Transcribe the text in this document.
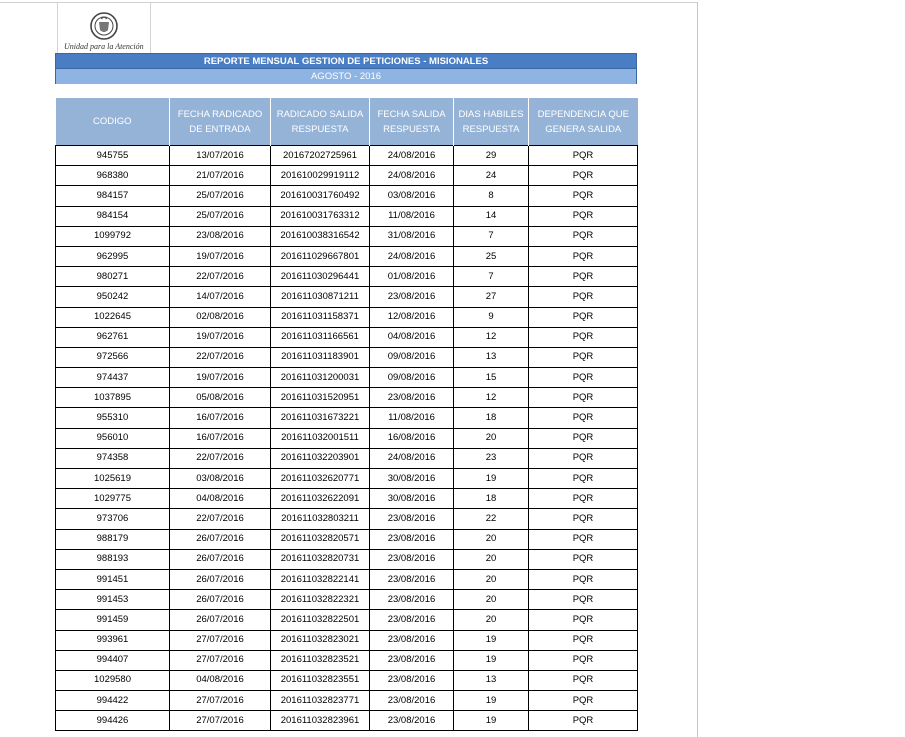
Unidad para la Atención
REPORTE MENSUAL GESTION DE PETICIONES - MISIONALES
AGOSTO - 2016
CODIGO	FECHA RADICADO DE ENTRADA	RADICADO SALIDA RESPUESTA	FECHA SALIDA RESPUESTA	DIAS HABILES RESPUESTA	DEPENDENCIA QUE GENERA SALIDA
945755	13/07/2016	20167202725961	24/08/2016	29	PQR
968380	21/07/2016	201610029919112	24/08/2016	24	PQR
984157	25/07/2016	201610031760492	03/08/2016	8	PQR
984154	25/07/2016	201610031763312	11/08/2016	14	PQR
1099792	23/08/2016	201610038316542	31/08/2016	7	PQR
962995	19/07/2016	201611029667801	24/08/2016	25	PQR
980271	22/07/2016	201611030296441	01/08/2016	7	PQR
950242	14/07/2016	201611030871211	23/08/2016	27	PQR
1022645	02/08/2016	201611031158371	12/08/2016	9	PQR
962761	19/07/2016	201611031166561	04/08/2016	12	PQR
972566	22/07/2016	201611031183901	09/08/2016	13	PQR
974437	19/07/2016	201611031200031	09/08/2016	15	PQR
1037895	05/08/2016	201611031520951	23/08/2016	12	PQR
955310	16/07/2016	201611031673221	11/08/2016	18	PQR
956010	16/07/2016	201611032001511	16/08/2016	20	PQR
974358	22/07/2016	201611032203901	24/08/2016	23	PQR
1025619	03/08/2016	201611032620771	30/08/2016	19	PQR
1029775	04/08/2016	201611032622091	30/08/2016	18	PQR
973706	22/07/2016	201611032803211	23/08/2016	22	PQR
988179	26/07/2016	201611032820571	23/08/2016	20	PQR
988193	26/07/2016	201611032820731	23/08/2016	20	PQR
991451	26/07/2016	201611032822141	23/08/2016	20	PQR
991453	26/07/2016	201611032822321	23/08/2016	20	PQR
991459	26/07/2016	201611032822501	23/08/2016	20	PQR
993961	27/07/2016	201611032823021	23/08/2016	19	PQR
994407	27/07/2016	201611032823521	23/08/2016	19	PQR
1029580	04/08/2016	201611032823551	23/08/2016	13	PQR
994422	27/07/2016	201611032823771	23/08/2016	19	PQR
994426	27/07/2016	201611032823961	23/08/2016	19	PQR
